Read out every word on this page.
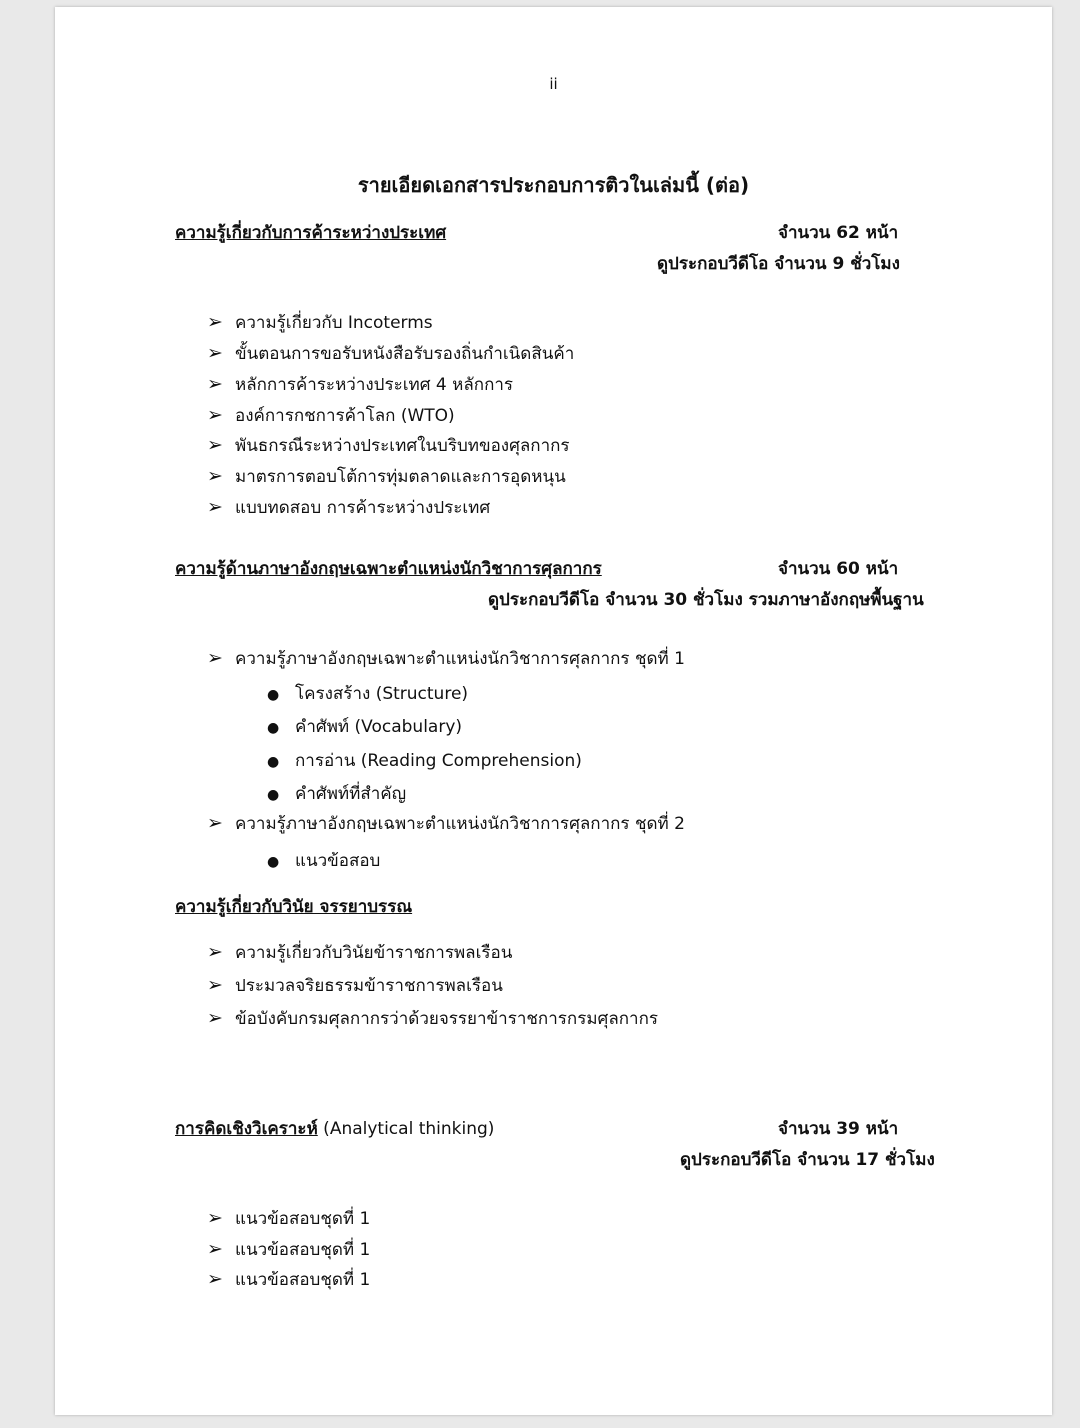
ii
รายเอียดเอกสารประกอบการติวในเล่มนี้ (ต่อ)
ความรู้เกี่ยวกับการค้าระหว่างประเทศ	จำนวน 62 หน้า
ดูประกอบวีดีโอ จำนวน 9 ชั่วโมง
➢ ความรู้เกี่ยวกับ Incoterms
➢ ขั้นตอนการขอรับหนังสือรับรองถิ่นกำเนิดสินค้า
➢ หลักการค้าระหว่างประเทศ 4 หลักการ
➢ องค์การกชการค้าโลก (WTO)
➢ พันธกรณีระหว่างประเทศในบริบทของศุลกากร
➢ มาตรการตอบโต้การทุ่มตลาดและการอุดหนุน
➢ แบบทดสอบ การค้าระหว่างประเทศ
ความรู้ด้านภาษาอังกฤษเฉพาะตำแหน่งนักวิชาการศุลกากร	จำนวน 60 หน้า
ดูประกอบวีดีโอ จำนวน 30 ชั่วโมง รวมภาษาอังกฤษพื้นฐาน
➢ ความรู้ภาษาอังกฤษเฉพาะตำแหน่งนักวิชาการศุลกากร ชุดที่ 1
● โครงสร้าง (Structure)
● คำศัพท์ (Vocabulary)
● การอ่าน (Reading Comprehension)
● คำศัพท์ที่สำคัญ
➢ ความรู้ภาษาอังกฤษเฉพาะตำแหน่งนักวิชาการศุลกากร ชุดที่ 2
● แนวข้อสอบ
ความรู้เกี่ยวกับวินัย จรรยาบรรณ
➢ ความรู้เกี่ยวกับวินัยข้าราชการพลเรือน
➢ ประมวลจริยธรรมข้าราชการพลเรือน
➢ ข้อบังคับกรมศุลกากรว่าด้วยจรรยาข้าราชการกรมศุลกากร
การคิดเชิงวิเคราะห์ (Analytical thinking)	จำนวน 39 หน้า
ดูประกอบวีดีโอ จำนวน 17 ชั่วโมง
➢ แนวข้อสอบชุดที่ 1
➢ แนวข้อสอบชุดที่ 1
➢ แนวข้อสอบชุดที่ 1
